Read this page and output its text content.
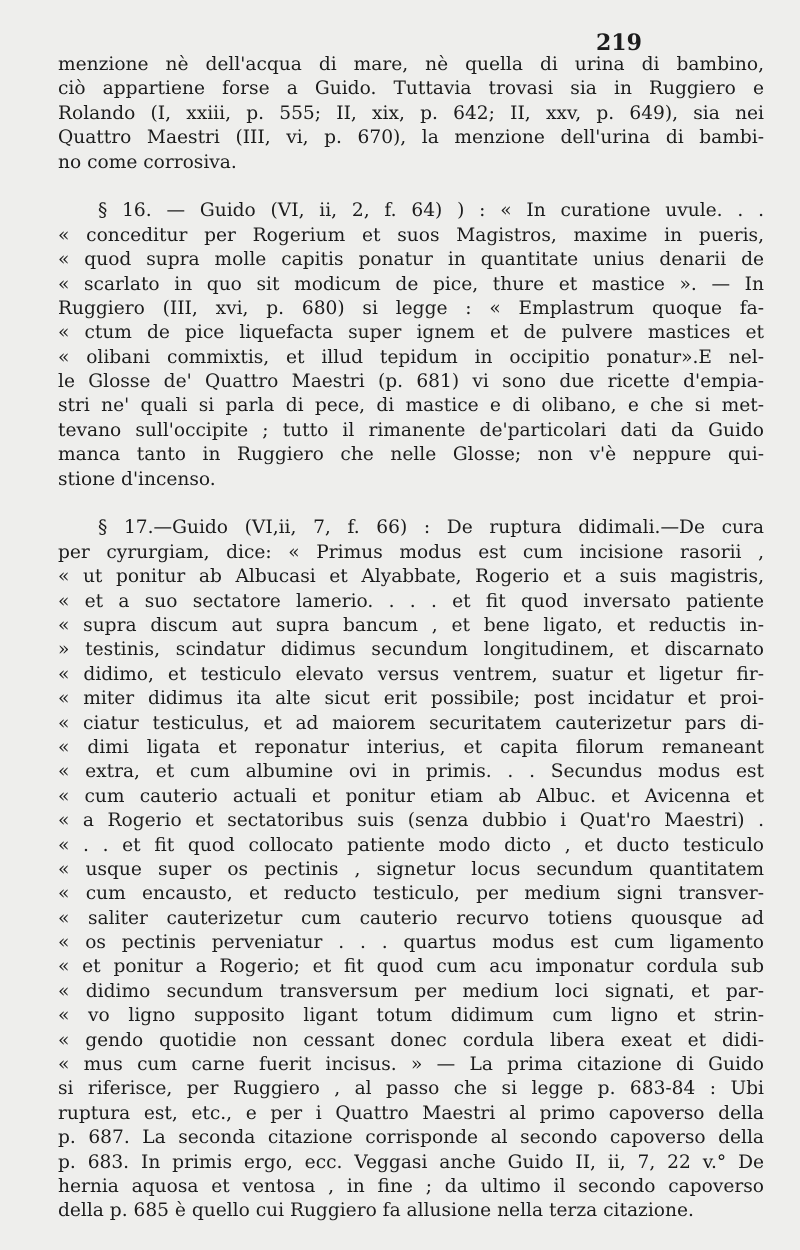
219

menzione nè dell'acqua di mare, nè quella di urina di bambino,
ciò appartiene forse a Guido. Tuttavia trovasi sia in Ruggiero e
Rolando (I, xxiii, p. 555; II, xix, p. 642; II, xxv, p. 649), sia nei
Quattro Maestri (III, vi, p. 670), la menzione dell'urina di bambi-
no come corrosiva.
§ 16. — Guido (VI, ii, 2, f. 64) ) : « In curatione uvule. . .
« conceditur per Rogerium et suos Magistros, maxime in pueris,
« quod supra molle capitis ponatur in quantitate unius denarii de
« scarlato in quo sit modicum de pice, thure et mastice ». — In
Ruggiero (III, xvi, p. 680) si legge : « Emplastrum quoque fa-
« ctum de pice liquefacta super ignem et de pulvere mastices et
« olibani commixtis, et illud tepidum in occipitio ponatur».E nel-
le Glosse de' Quattro Maestri (p. 681) vi sono due ricette d'empia-
stri ne' quali si parla di pece, di mastice e di olibano, e che si met-
tevano sull'occipite ; tutto il rimanente de'particolari dati da Guido
manca tanto in Ruggiero che nelle Glosse; non v'è neppure qui-
stione d'incenso.
§ 17.—Guido (VI,ii, 7, f. 66) : De ruptura didimali.—De cura
per cyrurgiam, dice: « Primus modus est cum incisione rasorii ,
« ut ponitur ab Albucasi et Alyabbate, Rogerio et a suis magistris,
« et a suo sectatore lamerio. . . . et fit quod inversato patiente
« supra discum aut supra bancum , et bene ligato, et reductis in-
» testinis, scindatur didimus secundum longitudinem, et discarnato
« didimo, et testiculo elevato versus ventrem, suatur et ligetur fir-
« miter didimus ita alte sicut erit possibile; post incidatur et proi-
« ciatur testiculus, et ad maiorem securitatem cauterizetur pars di-
« dimi ligata et reponatur interius, et capita filorum remaneant
« extra, et cum albumine ovi in primis. . . Secundus modus est
« cum cauterio actuali et ponitur etiam ab Albuc. et Avicenna et
« a Rogerio et sectatoribus suis (senza dubbio i Quat'ro Maestri) .
« . . et fit quod collocato patiente modo dicto , et ducto testiculo
« usque super os pectinis , signetur locus secundum quantitatem
« cum encausto, et reducto testiculo, per medium signi transver-
« saliter cauterizetur cum cauterio recurvo totiens quousque ad
« os pectinis perveniatur . . . quartus modus est cum ligamento
« et ponitur a Rogerio; et fit quod cum acu imponatur cordula sub
« didimo secundum transversum per medium loci signati, et par-
« vo ligno supposito ligant totum didimum cum ligno et strin-
« gendo quotidie non cessant donec cordula libera exeat et didi-
« mus cum carne fuerit incisus. » — La prima citazione di Guido
si riferisce, per Ruggiero , al passo che si legge p. 683-84 : Ubi
ruptura est, etc., e per i Quattro Maestri al primo capoverso della
p. 687. La seconda citazione corrisponde al secondo capoverso della
p. 683. In primis ergo, ecc. Veggasi anche Guido II, ii, 7, 22 v.° De
hernia aquosa et ventosa , in fine ; da ultimo il secondo capoverso
della p. 685 è quello cui Ruggiero fa allusione nella terza citazione.
